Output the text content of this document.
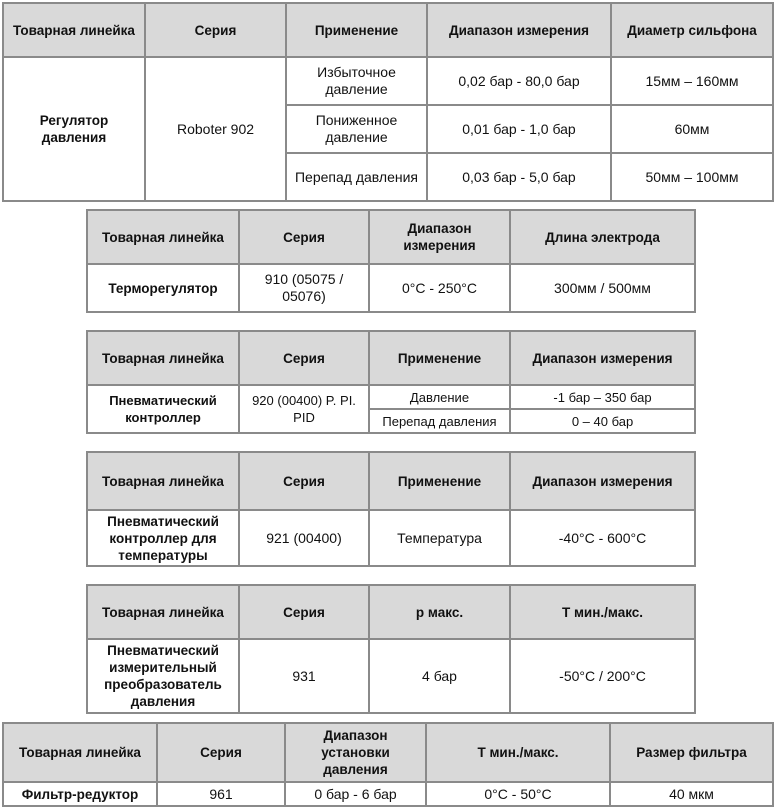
Товарная линейка	Серия	Применение	Диапазон измерения	Диаметр сильфона
Регулятор давления	Roboter 902	Избыточное давление	0,02 бар - 80,0 бар	15мм – 160мм
		Пониженное давление	0,01 бар - 1,0 бар	60мм
		Перепад давления	0,03 бар - 5,0 бар	50мм – 100мм
Товарная линейка	Серия	Диапазон измерения	Длина электрода
Терморегулятор	910 (05075 / 05076)	0°C - 250°C	300мм / 500мм
Товарная линейка	Серия	Применение	Диапазон измерения
Пневматический контроллер	920 (00400) P. PI. PID	Давление	-1 бар – 350 бар
		Перепад давления	0 – 40 бар
Товарная линейка	Серия	Применение	Диапазон измерения
Пневматический контроллер для температуры	921 (00400)	Температура	-40°C - 600°C
Товарная линейка	Серия	p макс.	T мин./макс.
Пневматический измерительный преобразователь давления	931	4 бар	-50°C / 200°C
Товарная линейка	Серия	Диапазон установки давления	T мин./макс.	Размер фильтра
Фильтр-редуктор	961	0 бар - 6 бар	0°C - 50°C	40 мкм
